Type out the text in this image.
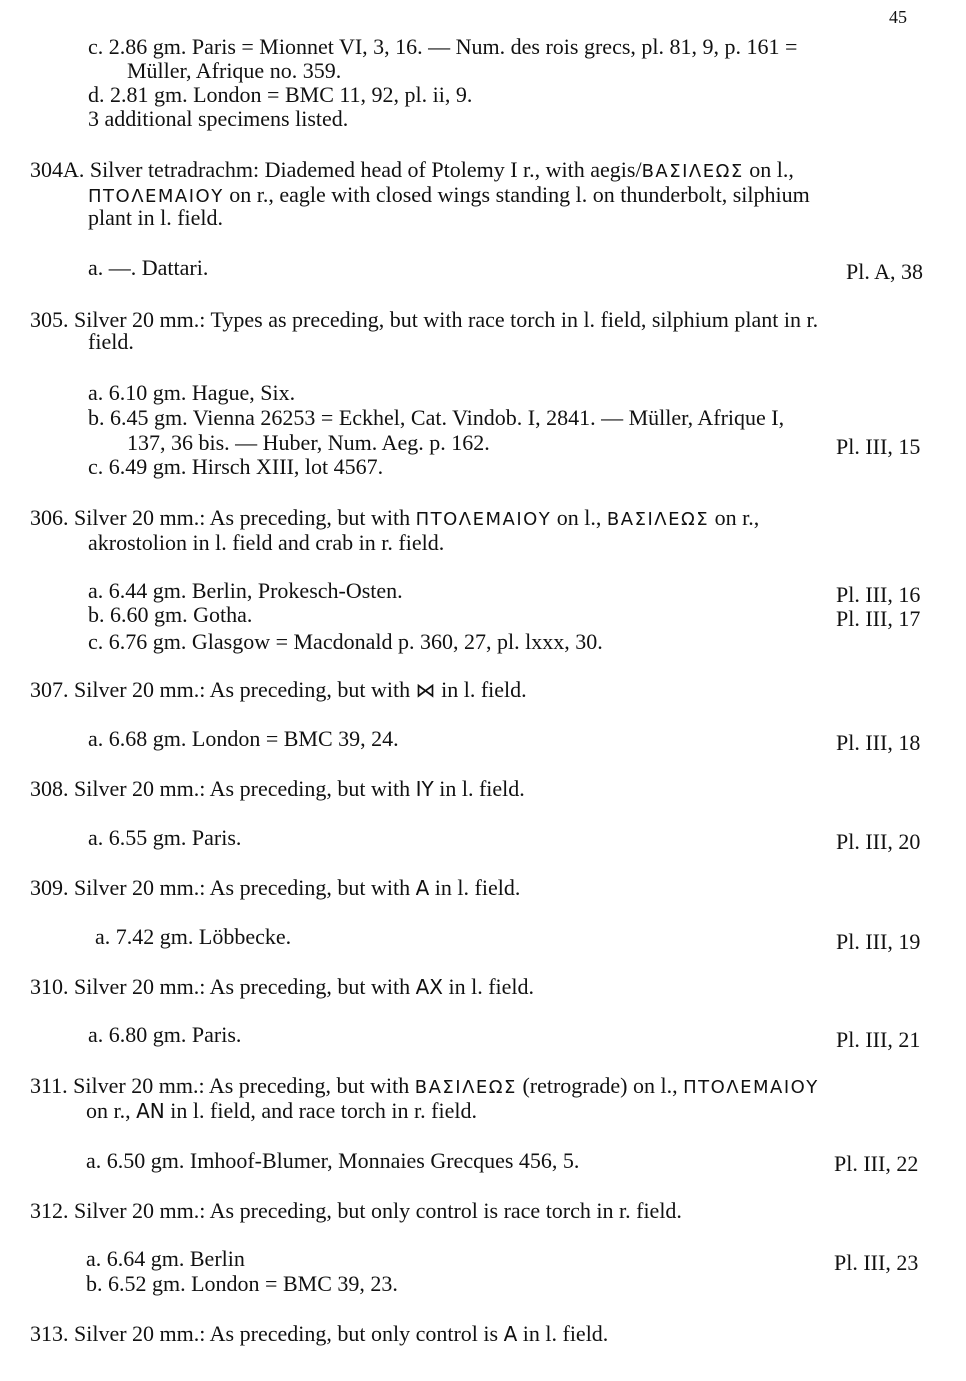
45
c. 2.86 gm. Paris = Mionnet VI, 3, 16. — Num. des rois grecs, pl. 81, 9, p. 161 =
Müller, Afrique no. 359.
d. 2.81 gm. London = BMC 11, 92, pl. ii, 9.
3 additional specimens listed.
304A. Silver tetradrachm: Diademed head of Ptolemy I r., with aegis/ΒΑΣΙΛΕΩΣ on l.,
ΠΤΟΛΕΜΑΙΟΥ on r., eagle with closed wings standing l. on thunderbolt, silphium
plant in l. field.
a. —. Dattari.	Pl. A, 38
305. Silver 20 mm.: Types as preceding, but with race torch in l. field, silphium plant in r.
field.
a. 6.10 gm. Hague, Six.
b. 6.45 gm. Vienna 26253 = Eckhel, Cat. Vindob. I, 2841. — Müller, Afrique I,
137, 36 bis. — Huber, Num. Aeg. p. 162.	Pl. III, 15
c. 6.49 gm. Hirsch XIII, lot 4567.
306. Silver 20 mm.: As preceding, but with ΠΤΟΛΕΜΑΙΟΥ on l., ΒΑΣΙΛΕΩΣ on r.,
akrostolion in l. field and crab in r. field.
a. 6.44 gm. Berlin, Prokesch-Osten.	Pl. III, 16
b. 6.60 gm. Gotha.	Pl. III, 17
c. 6.76 gm. Glasgow = Macdonald p. 360, 27, pl. lxxx, 30.
307. Silver 20 mm.: As preceding, but with ⋈ in l. field.
a. 6.68 gm. London = BMC 39, 24.	Pl. III, 18
308. Silver 20 mm.: As preceding, but with ΙΥ in l. field.
a. 6.55 gm. Paris.	Pl. III, 20
309. Silver 20 mm.: As preceding, but with Α in l. field.
a. 7.42 gm. Löbbecke.	Pl. III, 19
310. Silver 20 mm.: As preceding, but with ΑΧ in l. field.
a. 6.80 gm. Paris.	Pl. III, 21
311. Silver 20 mm.: As preceding, but with ΒΑΣΙΛΕΩΣ (retrograde) on l., ΠΤΟΛΕΜΑΙΟΥ
on r., ΑΝ in l. field, and race torch in r. field.
a. 6.50 gm. Imhoof-Blumer, Monnaies Grecques 456, 5.	Pl. III, 22
312. Silver 20 mm.: As preceding, but only control is race torch in r. field.
a. 6.64 gm. Berlin	Pl. III, 23
b. 6.52 gm. London = BMC 39, 23.
313. Silver 20 mm.: As preceding, but only control is Α in l. field.
